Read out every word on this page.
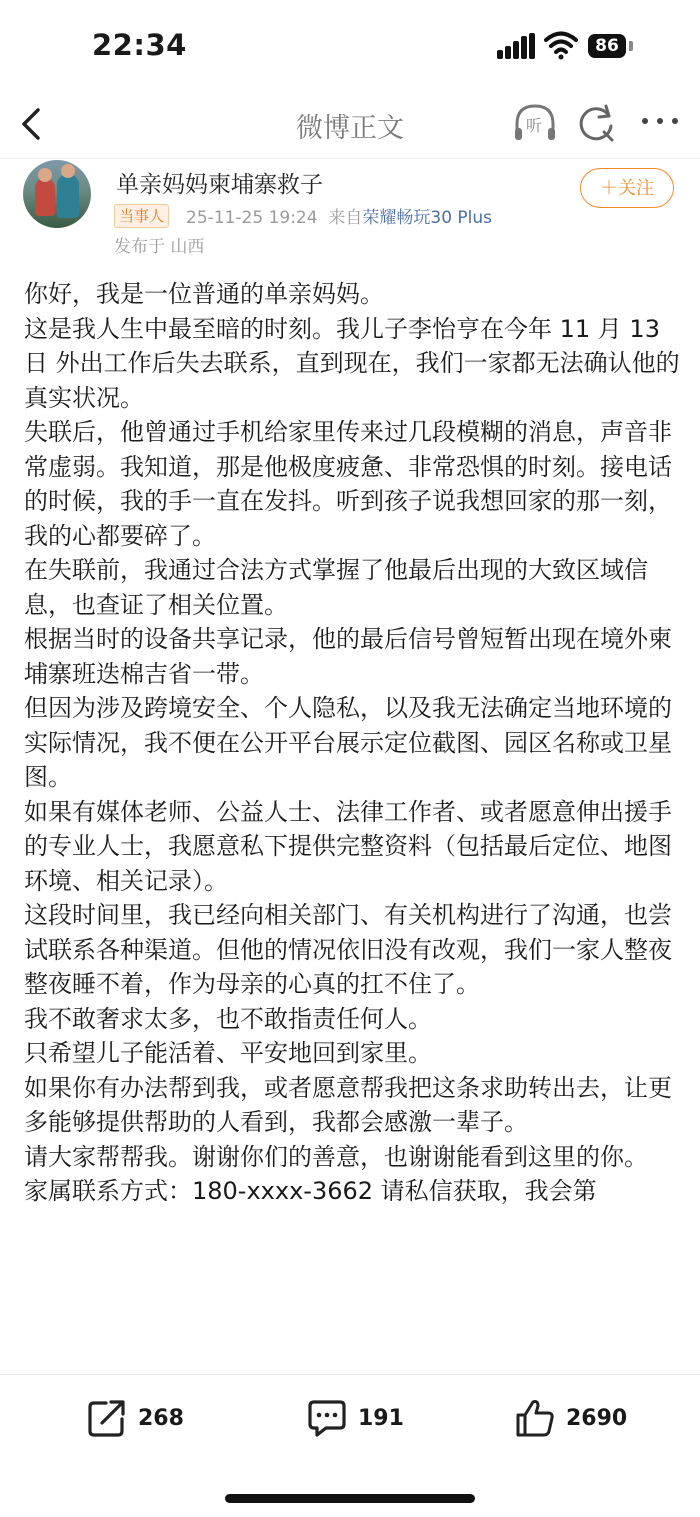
22:34	86
微博正文	听
单亲妈妈柬埔寨救子
当事人 25-11-25 19:24 来自荣耀畅玩30 Plus
发布于 山西
＋关注

你好，我是一位普通的单亲妈妈。

这是我人生中最至暗的时刻。我儿子李怡亨在今年 11 月 13日 外出工作后失去联系，直到现在，我们一家都无法确认他的真实状况。

失联后，他曾通过手机给家里传来过几段模糊的消息，声音非常虚弱。我知道，那是他极度疲惫、非常恐惧的时刻。接电话的时候，我的手一直在发抖。听到孩子说我想回家的那一刻，我的心都要碎了。

在失联前，我通过合法方式掌握了他最后出现的大致区域信息，也查证了相关位置。

根据当时的设备共享记录，他的最后信号曾短暂出现在境外柬埔寨班迭棉吉省一带。

但因为涉及跨境安全、个人隐私，以及我无法确定当地环境的实际情况，我不便在公开平台展示定位截图、园区名称或卫星图。

如果有媒体老师、公益人士、法律工作者、或者愿意伸出援手的专业人士，我愿意私下提供完整资料（包括最后定位、地图环境、相关记录）。

这段时间里，我已经向相关部门、有关机构进行了沟通，也尝试联系各种渠道。但他的情况依旧没有改观，我们一家人整夜整夜睡不着，作为母亲的心真的扛不住了。

我不敢奢求太多，也不敢指责任何人。

只希望儿子能活着、平安地回到家里。

如果你有办法帮到我，或者愿意帮我把这条求助转出去，让更多能够提供帮助的人看到，我都会感激一辈子。

请大家帮帮我。谢谢你们的善意，也谢谢能看到这里的你。

家属联系方式：180-xxxx-3662 请私信获取，我会第

268	191	2690
